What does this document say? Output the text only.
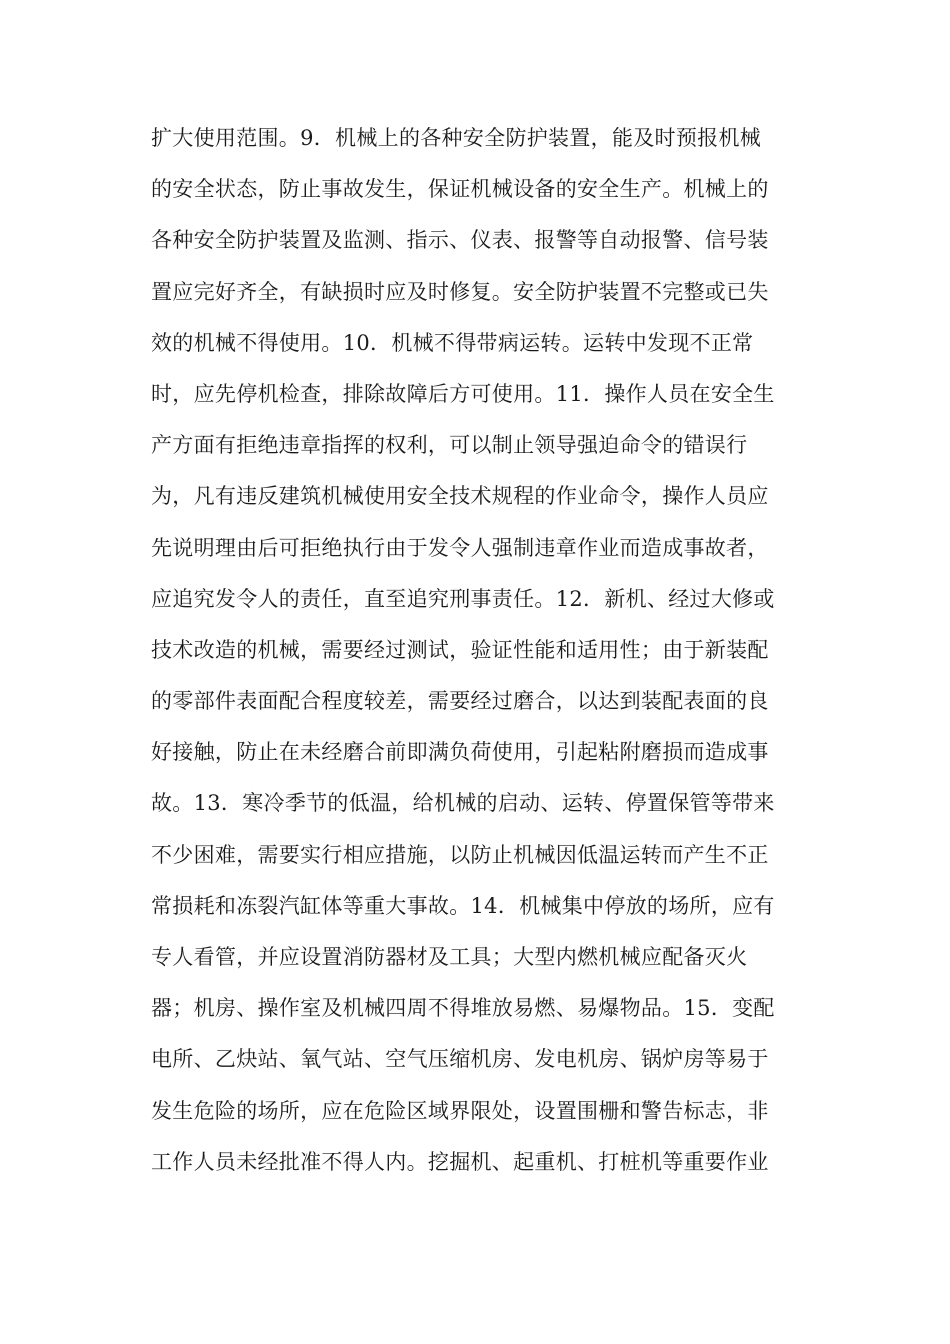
扩大使用范围。9．机械上的各种安全防护装置，能及时预报机械
的安全状态，防止事故发生，保证机械设备的安全生产。机械上的
各种安全防护装置及监测、指示、仪表、报警等自动报警、信号装
置应完好齐全，有缺损时应及时修复。安全防护装置不完整或已失
效的机械不得使用。10．机械不得带病运转。运转中发现不正常
时，应先停机检查，排除故障后方可使用。11．操作人员在安全生
产方面有拒绝违章指挥的权利，可以制止领导强迫命令的错误行
为，凡有违反建筑机械使用安全技术规程的作业命令，操作人员应
先说明理由后可拒绝执行由于发令人强制违章作业而造成事故者，
应追究发令人的责任，直至追究刑事责任。12．新机、经过大修或
技术改造的机械，需要经过测试，验证性能和适用性；由于新装配
的零部件表面配合程度较差，需要经过磨合，以达到装配表面的良
好接触，防止在未经磨合前即满负荷使用，引起粘附磨损而造成事
故。13．寒冷季节的低温，给机械的启动、运转、停置保管等带来
不少困难，需要实行相应措施，以防止机械因低温运转而产生不正
常损耗和冻裂汽缸体等重大事故。14．机械集中停放的场所，应有
专人看管，并应设置消防器材及工具；大型内燃机械应配备灭火
器；机房、操作室及机械四周不得堆放易燃、易爆物品。15．变配
电所、乙炔站、氧气站、空气压缩机房、发电机房、锅炉房等易于
发生危险的场所，应在危险区域界限处，设置围栅和警告标志，非
工作人员未经批准不得人内。挖掘机、起重机、打桩机等重要作业
